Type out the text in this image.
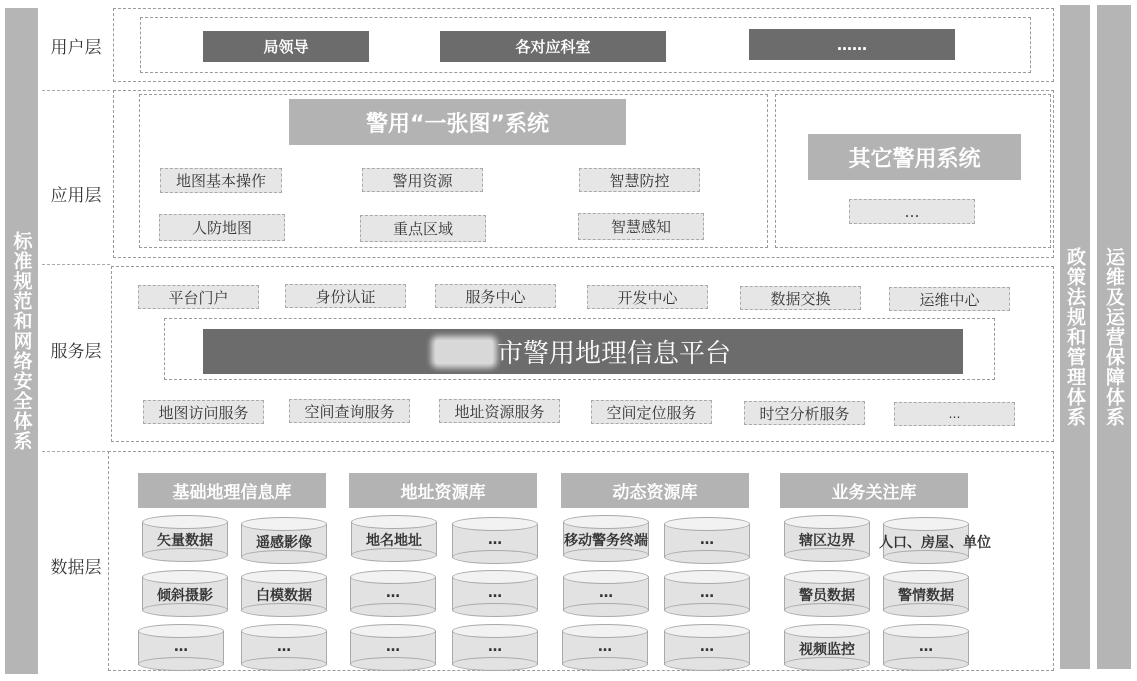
标准规范和网络安全体系	政策法规和管理体系 运维及运营保障体系
用户层
应用层
服务层
数据层
局领导	各对应科室	……
警用“一张图”系统
地图基本操作	警用资源	智慧防控
人防地图	重点区域	智慧感知
其它警用系统
…
平台门户	身份认证	服务中心	开发中心	数据交换	运维中心
市警用地理信息平台
地图访问服务	空间查询服务	地址资源服务	空间定位服务	时空分析服务	…
基础地理信息库	地址资源库	动态资源库	业务关注库
矢量数据	遥感影像
倾斜摄影	白模数据
…	…
地名地址	…
…	…
…	…
移动警务终端	…
…	…
…	…
辖区边界	人口、房屋、单位
警员数据	警情数据
视频监控	…
